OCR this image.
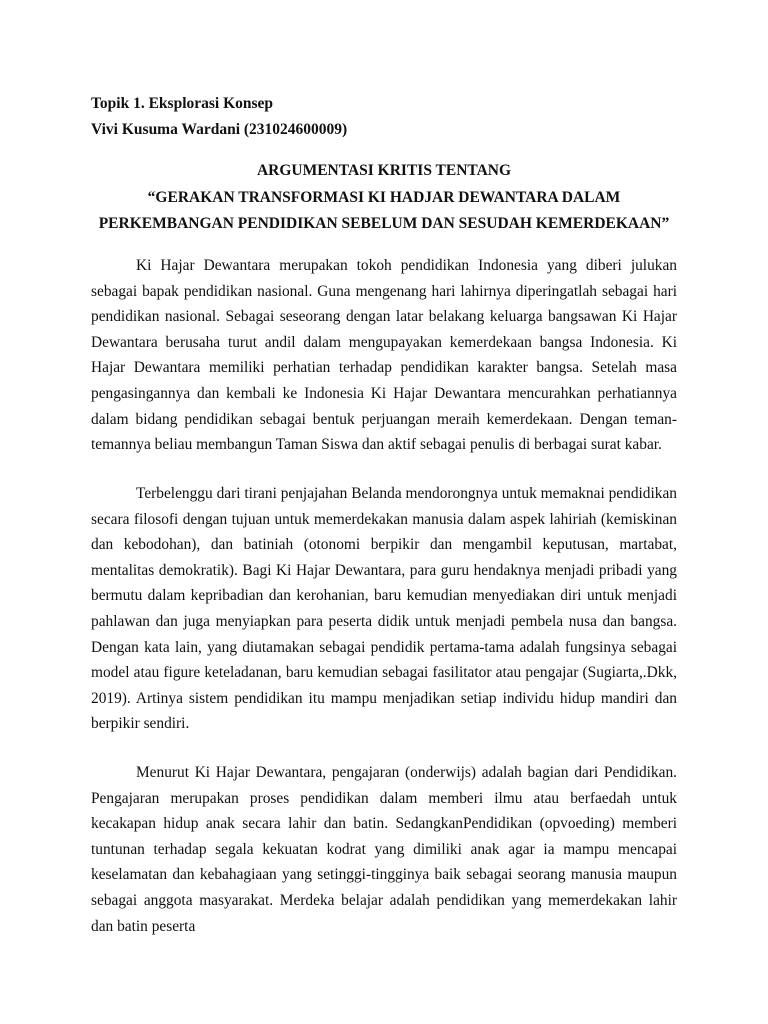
Topik 1. Eksplorasi Konsep
Vivi Kusuma Wardani (231024600009)
ARGUMENTASI KRITIS TENTANG
“GERAKAN TRANSFORMASI KI HADJAR DEWANTARA DALAM
PERKEMBANGAN PENDIDIKAN SEBELUM DAN SESUDAH KEMERDEKAAN”

Ki Hajar Dewantara merupakan tokoh pendidikan Indonesia yang diberi julukan sebagai bapak pendidikan nasional. Guna mengenang hari lahirnya diperingatlah sebagai hari pendidikan nasional. Sebagai seseorang dengan latar belakang keluarga bangsawan Ki Hajar Dewantara berusaha turut andil dalam mengupayakan kemerdekaan bangsa Indonesia. Ki Hajar Dewantara memiliki perhatian terhadap pendidikan karakter bangsa. Setelah masa pengasingannya dan kembali ke Indonesia Ki Hajar Dewantara mencurahkan perhatiannya dalam bidang pendidikan sebagai bentuk perjuangan meraih kemerdekaan. Dengan teman-temannya beliau membangun Taman Siswa dan aktif sebagai penulis di berbagai surat kabar.

Terbelenggu dari tirani penjajahan Belanda mendorongnya untuk memaknai pendidikan secara filosofi dengan tujuan untuk memerdekakan manusia dalam aspek lahiriah (kemiskinan dan kebodohan), dan batiniah (otonomi berpikir dan mengambil keputusan, martabat, mentalitas demokratik). Bagi Ki Hajar Dewantara, para guru hendaknya menjadi pribadi yang bermutu dalam kepribadian dan kerohanian, baru kemudian menyediakan diri untuk menjadi pahlawan dan juga menyiapkan para peserta didik untuk menjadi pembela nusa dan bangsa. Dengan kata lain, yang diutamakan sebagai pendidik pertama-tama adalah fungsinya sebagai model atau figure keteladanan, baru kemudian sebagai fasilitator atau pengajar (Sugiarta,.Dkk, 2019). Artinya sistem pendidikan itu mampu menjadikan setiap individu hidup mandiri dan berpikir sendiri.

Menurut Ki Hajar Dewantara, pengajaran (onderwijs) adalah bagian dari Pendidikan. Pengajaran merupakan proses pendidikan dalam memberi ilmu atau berfaedah untuk kecakapan hidup anak secara lahir dan batin. SedangkanPendidikan (opvoeding) memberi tuntunan terhadap segala kekuatan kodrat yang dimiliki anak agar ia mampu mencapai keselamatan dan kebahagiaan yang setinggi-tingginya baik sebagai seorang manusia maupun sebagai anggota masyarakat. Merdeka belajar adalah pendidikan yang memerdekakan lahir dan batin peserta
